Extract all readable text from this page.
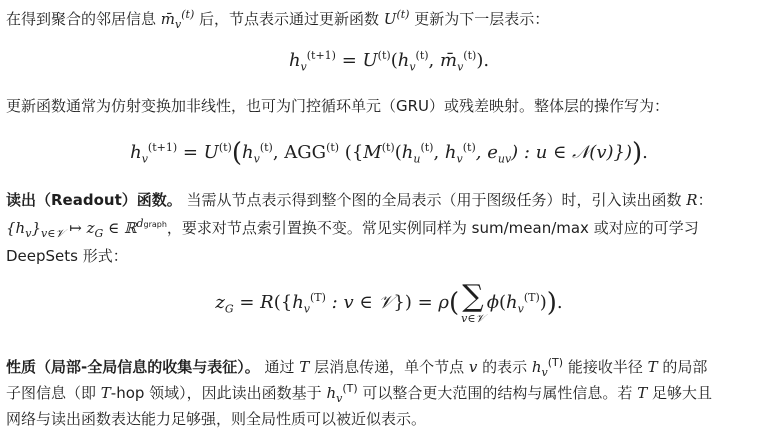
在得到聚合的邻居信息 $m̄_v^{(t)}$ 后，节点表示通过更新函数 $U^{(t)}$ 更新为下一层表示：
$h_v^{(t+1)} = U^{(t)}(h_v^{(t)}$, $m̄_v^{(t)}$).
更新函数通常为仿射变换加非线性，也可为门控循环单元（GRU）或残差映射。整体层的操作写为：
$h_v^{(t+1)} = U^{(t)}(h_v^{(t)}$, AGG$^{(t)}$ ({$M^{(t)}(h_u^{(t)}$, $h_v^{(t)}$, $e_{uv}$) : u ∈ 𝒩(v)})).
读出（Readout）函数。 当需从节点表示得到整个图的全局表示（用于图级任务）时，引入读出函数 R：
$\{h_v\}_{v\in 𝒱}$ ↦ $z_G$ ∈ ℝ$^{dgraph}$，要求对节点索引置换不变。常见实例同样为 sum/mean/max 或对应的可学习
DeepSets 形式：
$z_G = R(\{h_v^{(T)}$ : v ∈ 𝒱}) = ρ( ∑
v∈𝒱
$\phi(h_v^{(T)})$).
性质（局部-全局信息的收集与表征）。 通过 T 层消息传递，单个节点 v 的表示 $h_v^{(T)}$ 能接收半径 T 的局部
子图信息（即 T-hop 领域），因此读出函数基于 $h_v^{(T)}$ 可以整合更大范围的结构与属性信息。若 T 足够大且
网络与读出函数表达能力足够强，则全局性质可以被近似表示。
